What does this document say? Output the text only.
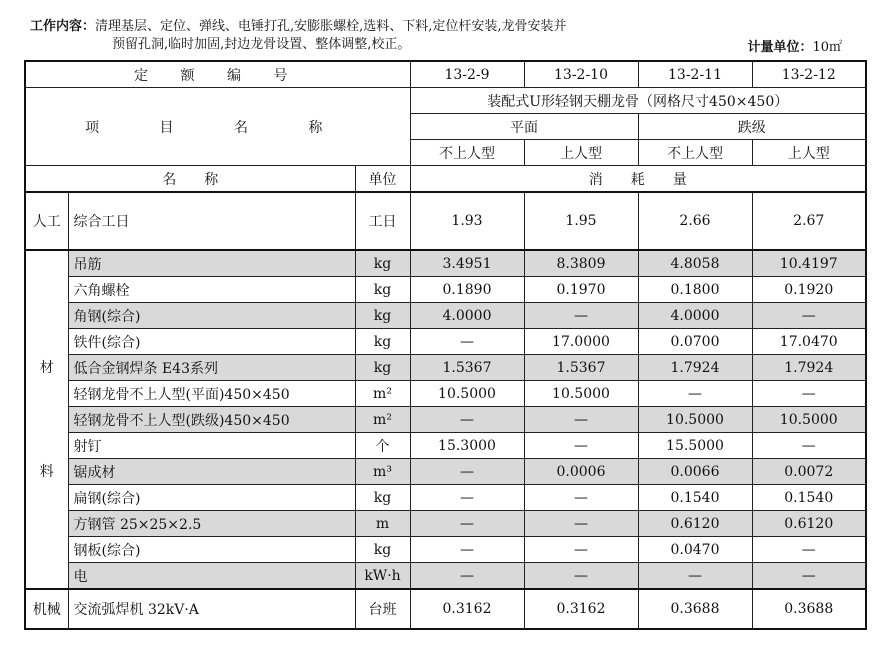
工作内容：清理基层、定位、弹线、电锤打孔,安膨胀螺栓,选料、下料,定位杆安装,龙骨安装并
预留孔洞,临时加固,封边龙骨设置、整体调整,校正。	计量单位：10㎡
定 额 编 号			13-2-9	13-2-10	13-2-11	13-2-12
项 目 名 称			装配式U形轻钢天棚龙骨（网格尺寸450×450）			
			平面		跌级	
			不上人型	上人型	不上人型	上人型
名　　称		单位	消　　耗　　量			
人工	综合工日	工日	1.93	1.95	2.66	2.67

材
料	吊筋	kg	3.4951	8.3809	4.8058	10.4197
	六角螺栓	kg	0.1890	0.1970	0.1800	0.1920
	角钢(综合)	kg	4.0000	—	4.0000	—
	铁件(综合)	kg	—	17.0000	0.0700	17.0470
	低合金钢焊条 E43系列	kg	1.5367	1.5367	1.7924	1.7924
	轻钢龙骨不上人型(平面)450×450	m²	10.5000	10.5000	—	—
	轻钢龙骨不上人型(跌级)450×450	m²	—	—	10.5000	10.5000
	射钉	个	15.3000	—	15.5000	—
	锯成材	m³	—	0.0006	0.0066	0.0072
	扁钢(综合)	kg	—	—	0.1540	0.1540
	方钢管 25×25×2.5	m	—	—	0.6120	0.6120
	钢板(综合)	kg	—	—	0.0470	—
	电	kW·h	—	—	—	—
机械	交流弧焊机 32kV·A	台班	0.3162	0.3162	0.3688	0.3688
